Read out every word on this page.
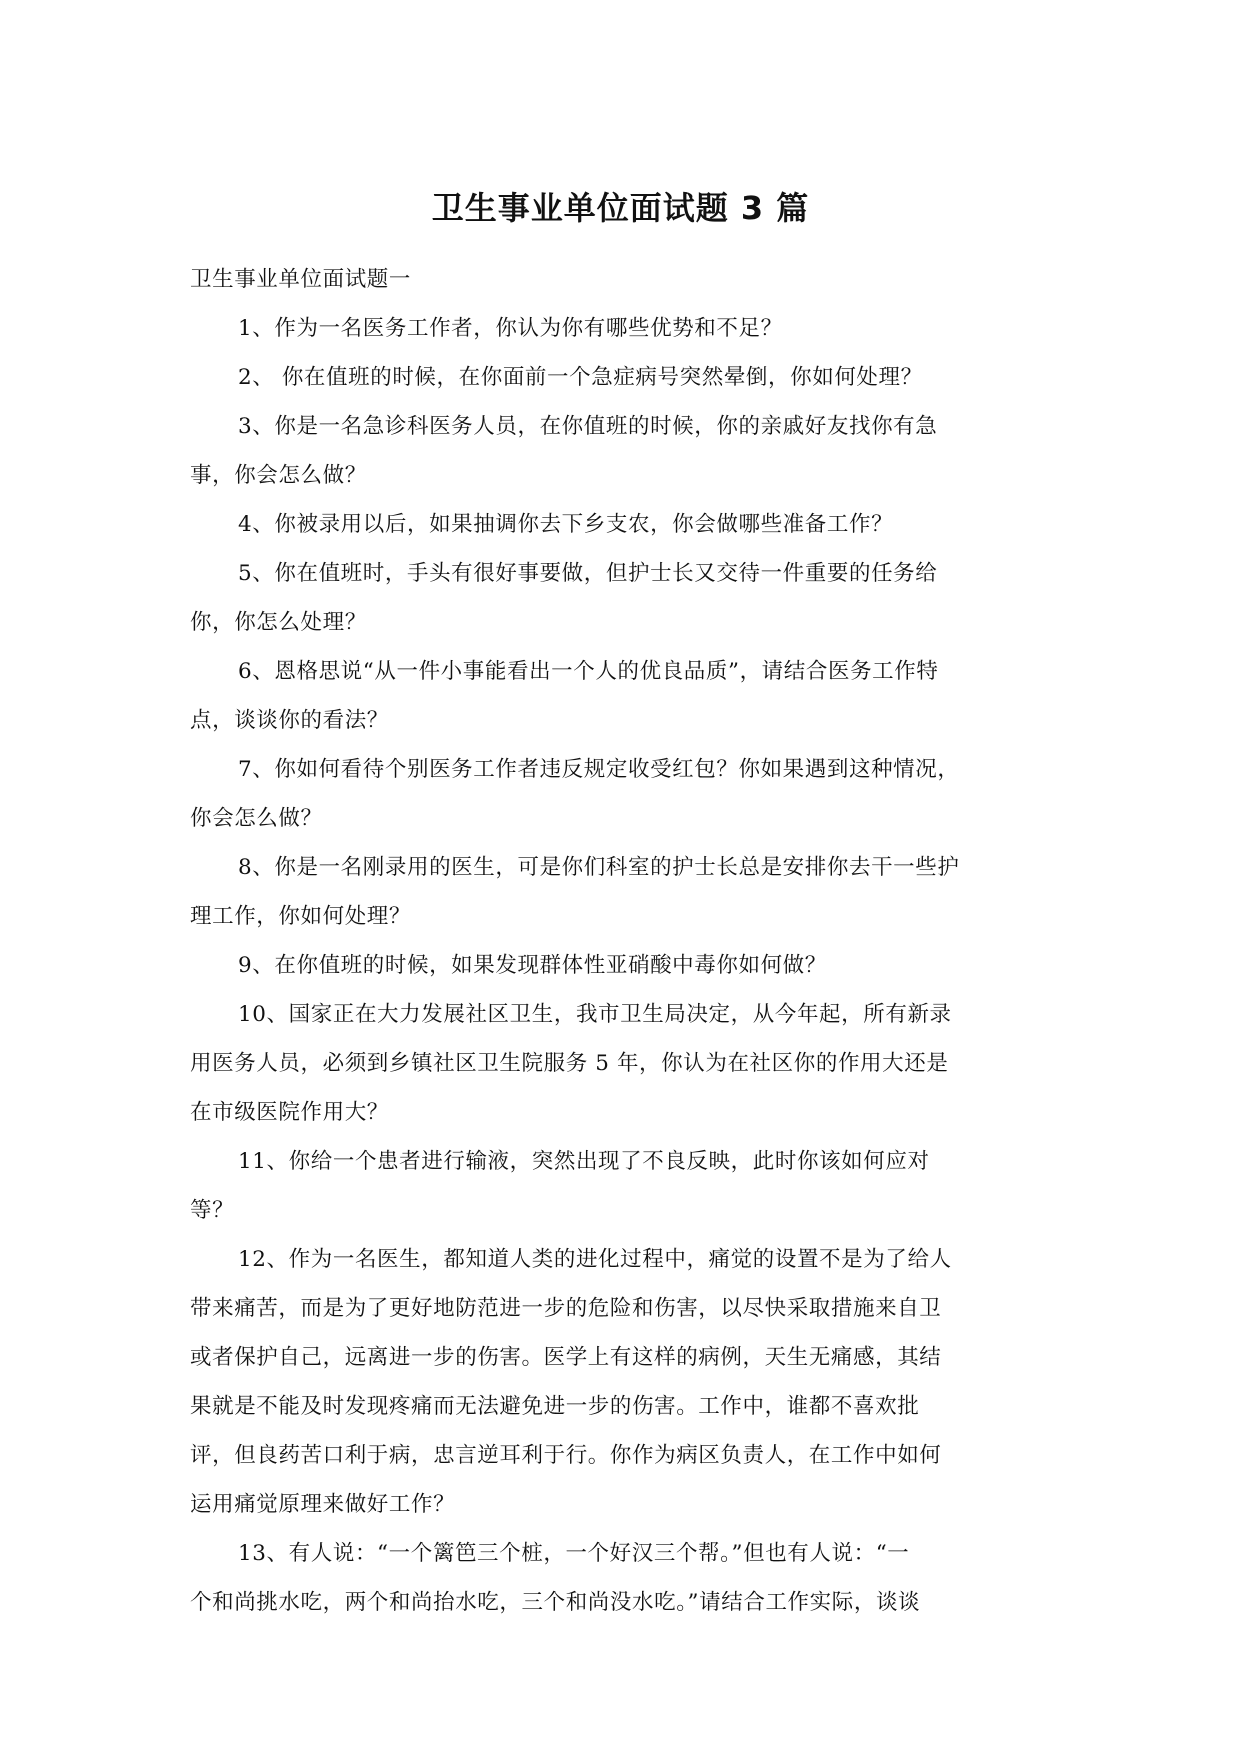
卫生事业单位面试题 3 篇

卫生事业单位面试题一

1、作为一名医务工作者，你认为你有哪些优势和不足？

2、 你在值班的时候，在你面前一个急症病号突然晕倒，你如何处理？

3、你是一名急诊科医务人员，在你值班的时候，你的亲戚好友找你有急
事，你会怎么做？

4、你被录用以后，如果抽调你去下乡支农，你会做哪些准备工作？

5、你在值班时，手头有很好事要做，但护士长又交待一件重要的任务给
你，你怎么处理？

6、恩格思说“从一件小事能看出一个人的优良品质”，请结合医务工作特
点，谈谈你的看法？

7、你如何看待个别医务工作者违反规定收受红包？你如果遇到这种情况，
你会怎么做？

8、你是一名刚录用的医生，可是你们科室的护士长总是安排你去干一些护
理工作，你如何处理？

9、在你值班的时候，如果发现群体性亚硝酸中毒你如何做？

10、国家正在大力发展社区卫生，我市卫生局决定，从今年起，所有新录
用医务人员，必须到乡镇社区卫生院服务 5 年，你认为在社区你的作用大还是
在市级医院作用大？

11、你给一个患者进行输液，突然出现了不良反映，此时你该如何应对
等？

12、作为一名医生，都知道人类的进化过程中，痛觉的设置不是为了给人
带来痛苦，而是为了更好地防范进一步的危险和伤害，以尽快采取措施来自卫
或者保护自己，远离进一步的伤害。医学上有这样的病例，天生无痛感，其结
果就是不能及时发现疼痛而无法避免进一步的伤害。工作中，谁都不喜欢批
评，但良药苦口利于病，忠言逆耳利于行。你作为病区负责人，在工作中如何
运用痛觉原理来做好工作？

13、有人说：“一个篱笆三个桩，一个好汉三个帮。”但也有人说：“一
个和尚挑水吃，两个和尚抬水吃，三个和尚没水吃。”请结合工作实际，谈谈
